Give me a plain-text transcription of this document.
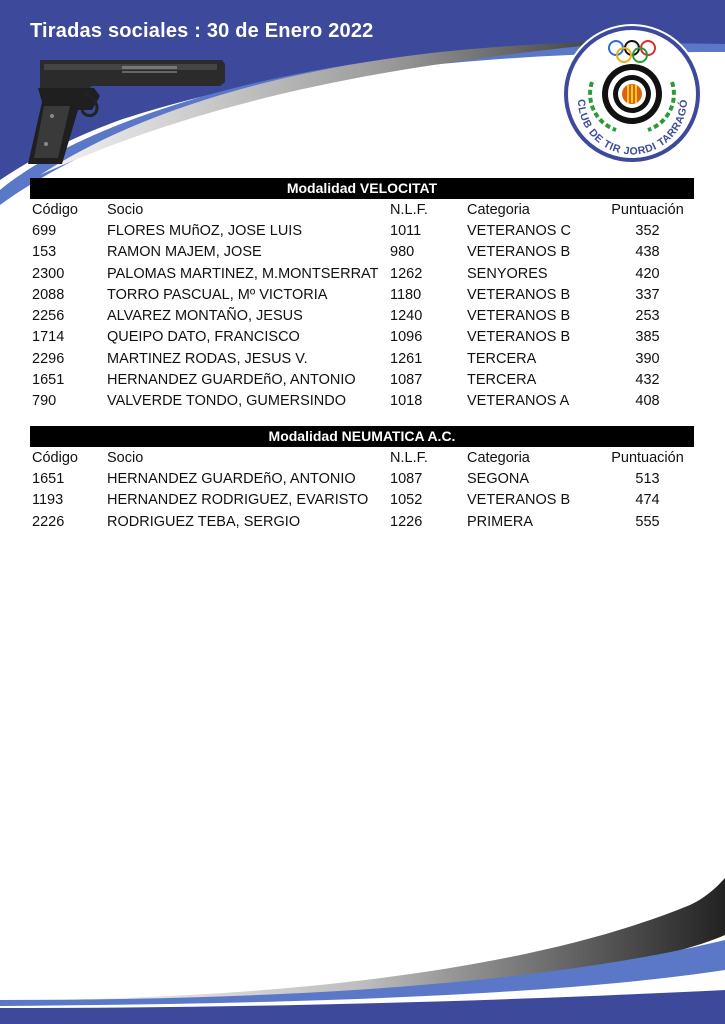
Tiradas sociales : 30 de Enero 2022
CLUB DE TIR JORDI TARRAGÓ
Modalidad VELOCITAT
Código	Socio	N.L.F.	Categoria	Puntuación
699	FLORES MUñOZ, JOSE LUIS	1011	VETERANOS C	352
153	RAMON MAJEM, JOSE	980	VETERANOS B	438
2300	PALOMAS MARTINEZ, M.MONTSERRAT	1262	SENYORES	420
2088	TORRO PASCUAL, Mº VICTORIA	1180	VETERANOS B	337
2256	ALVAREZ MONTAÑO, JESUS	1240	VETERANOS B	253
1714	QUEIPO DATO, FRANCISCO	1096	VETERANOS B	385
2296	MARTINEZ RODAS, JESUS V.	1261	TERCERA	390
1651	HERNANDEZ GUARDEñO, ANTONIO	1087	TERCERA	432
790	VALVERDE TONDO, GUMERSINDO	1018	VETERANOS A	408
Modalidad NEUMATICA A.C.
Código	Socio	N.L.F.	Categoria	Puntuación
1651	HERNANDEZ GUARDEñO, ANTONIO	1087	SEGONA	513
1193	HERNANDEZ RODRIGUEZ, EVARISTO	1052	VETERANOS B	474
2226	RODRIGUEZ TEBA, SERGIO	1226	PRIMERA	555
